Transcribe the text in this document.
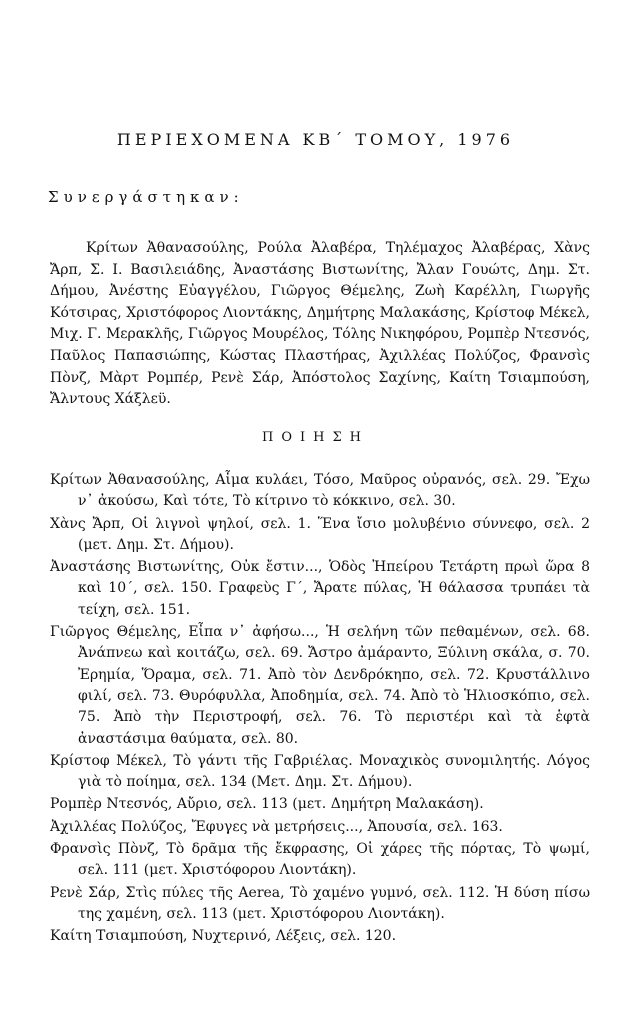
ΠΕΡΙΕΧΟΜΕΝΑ ΚΒ΄ ΤΟΜΟΥ, 1976
Συνεργάστηκαν:

Κρίτων Ἀθανασούλης, Ρούλα Ἀλαβέρα, Τηλέμαχος Ἀλαβέρας, Χὰνς Ἄρπ, Σ. Ι. Βασιλειάδης, Ἀναστάσης Βιστωνίτης, Ἄλαν Γουώτς, Δημ. Στ. Δήμου, Ἀνέστης Εὐαγγέλου, Γιῶργος Θέμελης, Ζωὴ Καρέλλη, Γιωργῆς Κότσιρας, Χριστόφορος Λιοντάκης, Δημήτρης Μαλακάσης, Κρίστοφ Μέκελ, Μιχ. Γ. Μερακλῆς, Γιῶργος Μουρέλος, Τόλης Νικηφόρου, Ρομπὲρ Ντεσνός, Παῦλος Παπασιώπης, Κώστας Πλαστήρας, Ἀχιλλέας Πολύζος, Φρανσὶς Πὸνζ, Μὰρτ Ρομπέρ, Ρενὲ Σάρ, Ἀπόστολος Σαχίνης, Καίτη Τσιαμπούση, Ἄλντους Χάξλεϋ.

ΠΟΙΗΣΗ

Κρίτων Ἀθανασούλης, Αἷμα κυλάει, Τόσο, Μαῦρος οὐρανός, σελ. 29. Ἔχω ν᾽ ἀκούσω, Καὶ τότε, Τὸ κίτρινο τὸ κόκκινο, σελ. 30.

Χὰνς Ἄρπ, Οἱ λιγνοὶ ψηλοί, σελ. 1. Ἕνα ἴσιο μολυβένιο σύννεφο, σελ. 2 (μετ. Δημ. Στ. Δήμου).

Ἀναστάσης Βιστωνίτης, Οὐκ ἔστιν..., Ὁδὸς Ἠπείρου Τετάρτη πρωὶ ὥρα 8 καὶ 10΄, σελ. 150. Γραφεὺς Γ΄, Ἄρατε πύλας, Ἡ θάλασσα τρυπάει τὰ τείχη, σελ. 151.

Γιῶργος Θέμελης, Εἶπα ν᾽ ἀφήσω..., Ἡ σελήνη τῶν πεθαμένων, σελ. 68. Ἀνάπνεω καὶ κοιτάζω, σελ. 69. Ἄστρο ἀμάραντο, Ξύλινη σκάλα, σ. 70. Ἐρημία, Ὅραμα, σελ. 71. Ἀπὸ τὸν Δενδρόκηπο, σελ. 72. Κρυστάλλινο φιλί, σελ. 73. Θυρόφυλλα, Ἀποδημία, σελ. 74. Ἀπὸ τὸ Ἡλιοσκόπιο, σελ. 75. Ἀπὸ τὴν Περιστροφή, σελ. 76. Τὸ περιστέρι καὶ τὰ ἑφτὰ ἀναστάσιμα θαύματα, σελ. 80.

Κρίστοφ Μέκελ, Τὸ γάντι τῆς Γαβριέλας. Μοναχικὸς συνομιλητής. Λόγος γιὰ τὸ ποίημα, σελ. 134 (Μετ. Δημ. Στ. Δήμου).

Ρομπὲρ Ντεσνός, Αὔριο, σελ. 113 (μετ. Δημήτρη Μαλακάση).

Ἀχιλλέας Πολύζος, Ἔφυγες νὰ μετρήσεις..., Ἀπουσία, σελ. 163.

Φρανσὶς Πὸνζ, Τὸ δρᾶμα τῆς ἔκφρασης, Οἱ χάρες τῆς πόρτας, Τὸ ψωμί, σελ. 111 (μετ. Χριστόφορου Λιοντάκη).

Ρενὲ Σάρ, Στὶς πύλες τῆς Aerea, Τὸ χαμένο γυμνό, σελ. 112. Ἡ δύση πίσω της χαμένη, σελ. 113 (μετ. Χριστόφορου Λιοντάκη).

Καίτη Τσιαμπούση, Νυχτερινό, Λέξεις, σελ. 120.
